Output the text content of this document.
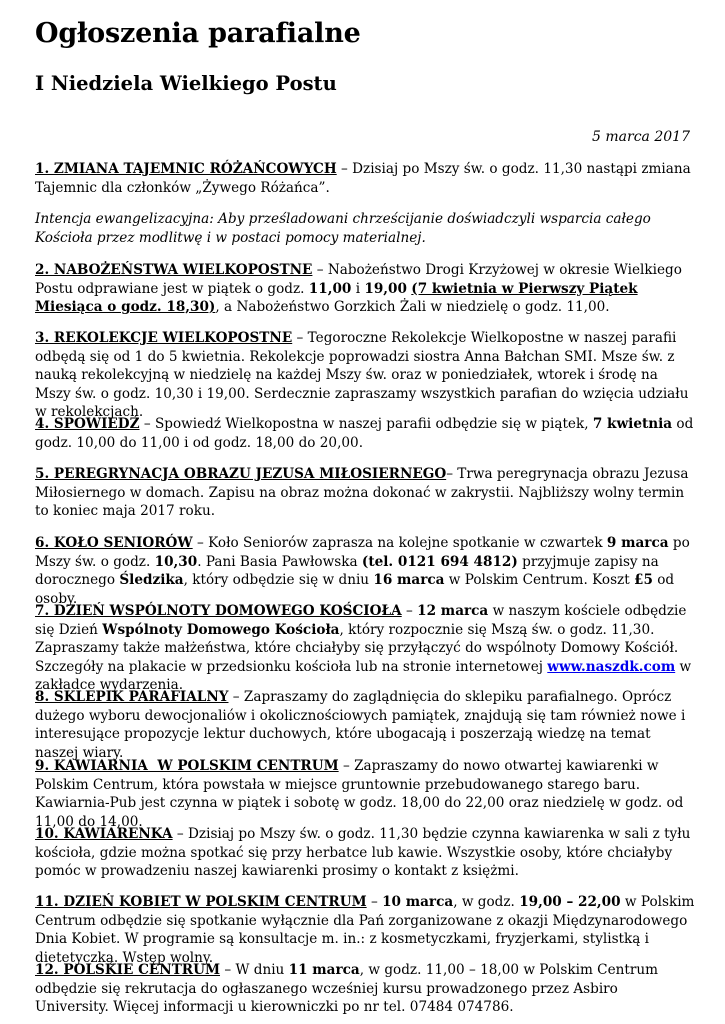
Ogłoszenia parafialne
I Niedziela Wielkiego Postu
5 marca 2017

1. ZMIANA TAJEMNIC RÓŻAŃCOWYCH – Dzisiaj po Mszy św. o godz. 11,30 nastąpi zmiana Tajemnic dla członków „Żywego Różańca”.

Intencja ewangelizacyjna: Aby prześladowani chrześcijanie doświadczyli wsparcia całego Kościoła przez modlitwę i w postaci pomocy materialnej.

2. NABOŻEŃSTWA WIELKOPOSTNE – Nabożeństwo Drogi Krzyżowej w okresie Wielkiego Postu odprawiane jest w piątek o godz. 11,00 i 19,00 (7 kwietnia w Pierwszy Piątek Miesiąca o godz. 18,30), a Nabożeństwo Gorzkich Żali w niedzielę o godz. 11,00.

3. REKOLEKCJE WIELKOPOSTNE – Tegoroczne Rekolekcje Wielkopostne w naszej parafii odbędą się od 1 do 5 kwietnia. Rekolekcje poprowadzi siostra Anna Bałchan SMI. Msze św. z nauką rekolekcyjną w niedzielę na każdej Mszy św. oraz w poniedziałek, wtorek i środę na Mszy św. o godz. 10,30 i 19,00. Serdecznie zapraszamy wszystkich parafian do wzięcia udziału w rekolekcjach.

4. SPOWIEDŹ – Spowiedź Wielkopostna w naszej parafii odbędzie się w piątek, 7 kwietnia od godz. 10,00 do 11,00 i od godz. 18,00 do 20,00.

5. PEREGRYNACJA OBRAZU JEZUSA MIŁOSIERNEGO– Trwa peregrynacja obrazu Jezusa Miłosiernego w domach. Zapisu na obraz można dokonać w zakrystii. Najbliższy wolny termin to koniec maja 2017 roku.

6. KOŁO SENIORÓW – Koło Seniorów zaprasza na kolejne spotkanie w czwartek 9 marca po Mszy św. o godz. 10,30. Pani Basia Pawłowska (tel. 0121 694 4812) przyjmuje zapisy na dorocznego Śledzika, który odbędzie się w dniu 16 marca w Polskim Centrum. Koszt £5 od osoby.

7. DZIEŃ WSPÓLNOTY DOMOWEGO KOŚCIOŁA – 12 marca w naszym kościele odbędzie się Dzień Wspólnoty Domowego Kościoła, który rozpocznie się Mszą św. o godz. 11,30. Zapraszamy także małżeństwa, które chciałyby się przyłączyć do wspólnoty Domowy Kościół. Szczegóły na plakacie w przedsionku kościoła lub na stronie internetowej www.naszdk.com w zakładce wydarzenia.

8. SKLEPIK PARAFIALNY – Zapraszamy do zaglądnięcia do sklepiku parafialnego. Oprócz dużego wyboru dewocjonaliów i okolicznościowych pamiątek, znajdują się tam również nowe i interesujące propozycje lektur duchowych, które ubogacają i poszerzają wiedzę na temat naszej wiary.

9. KAWIARNIA  W POLSKIM CENTRUM – Zapraszamy do nowo otwartej kawiarenki w Polskim Centrum, która powstała w miejsce gruntownie przebudowanego starego baru. Kawiarnia-Pub jest czynna w piątek i sobotę w godz. 18,00 do 22,00 oraz niedzielę w godz. od 11,00 do 14,00.

10. KAWIARENKA – Dzisiaj po Mszy św. o godz. 11,30 będzie czynna kawiarenka w sali z tyłu kościoła, gdzie można spotkać się przy herbatce lub kawie. Wszystkie osoby, które chciałyby pomóc w prowadzeniu naszej kawiarenki prosimy o kontakt z księżmi.

11. DZIEŃ KOBIET W POLSKIM CENTRUM – 10 marca, w godz. 19,00 – 22,00 w Polskim Centrum odbędzie się spotkanie wyłącznie dla Pań zorganizowane z okazji Międzynarodowego Dnia Kobiet. W programie są konsultacje m. in.: z kosmetyczkami, fryzjerkami, stylistką i dietetyczką. Wstęp wolny.

12. POLSKIE CENTRUM – W dniu 11 marca, w godz. 11,00 – 18,00 w Polskim Centrum odbędzie się rekrutacja do ogłaszanego wcześniej kursu prowadzonego przez Asbiro University. Więcej informacji u kierowniczki po nr tel. 07484 074786.
